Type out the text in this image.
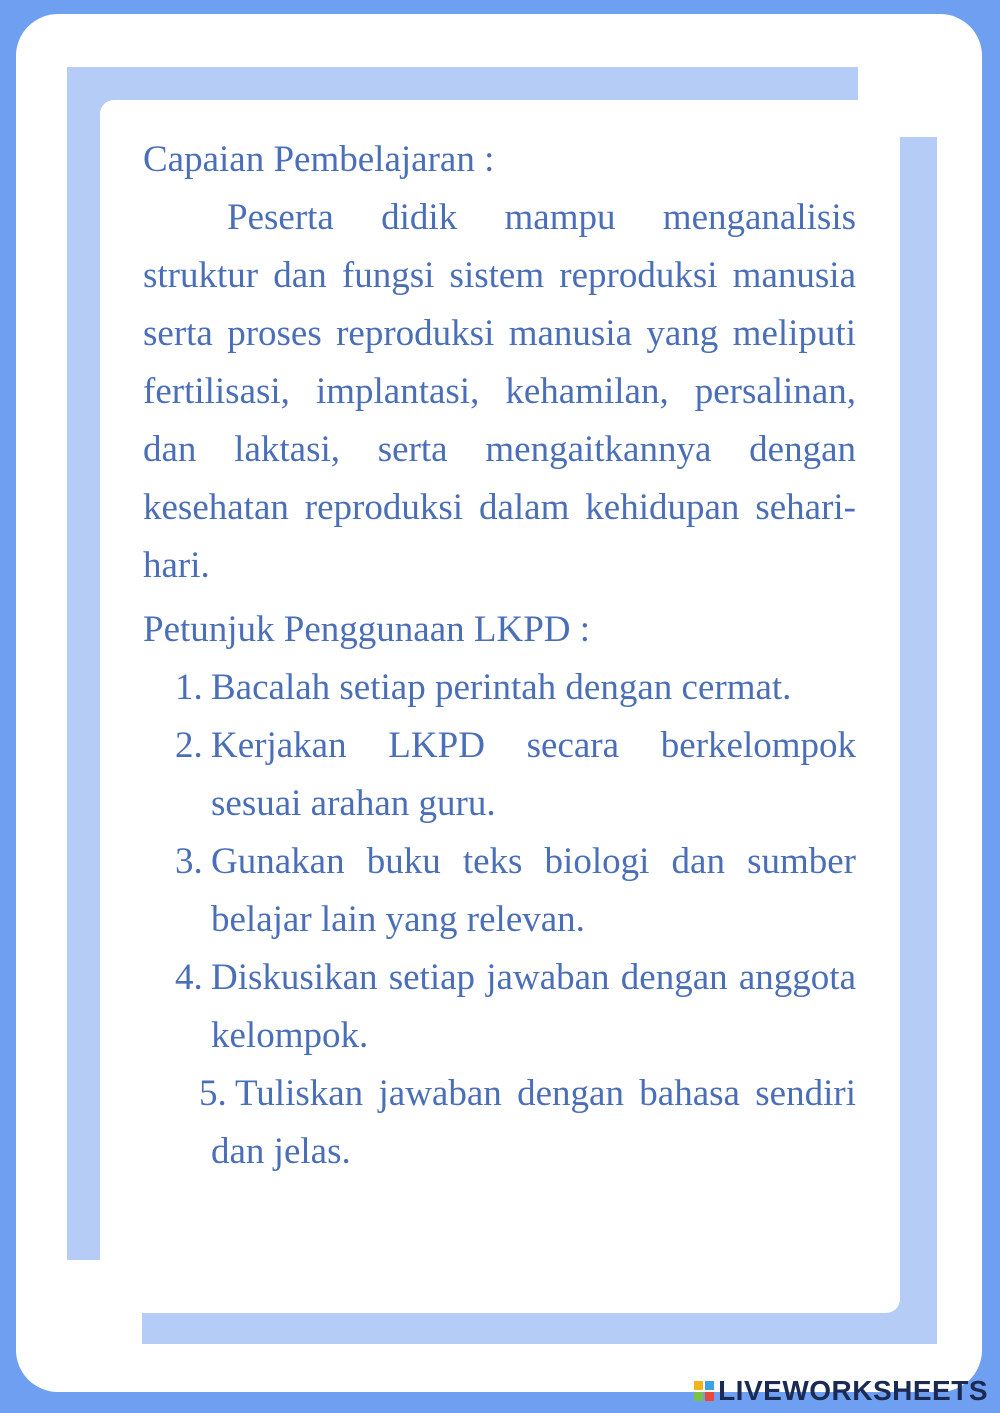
Capaian Pembelajaran :

Peserta didik mampu menganalisis struktur dan fungsi sistem reproduksi manusia serta proses reproduksi manusia yang meliputi fertilisasi, implantasi, kehamilan, persalinan, dan laktasi, serta mengaitkannya dengan kesehatan reproduksi dalam kehidupan sehari-hari.

Petunjuk Penggunaan LKPD :
1. Bacalah setiap perintah dengan cermat.
2. Kerjakan LKPD secara berkelompok sesuai arahan guru.
3. Gunakan buku teks biologi dan sumber belajar lain yang relevan.
4. Diskusikan setiap jawaban dengan anggota kelompok.
5. Tuliskan jawaban dengan bahasa sendiri dan jelas.
LIVEWORKSHEETS
